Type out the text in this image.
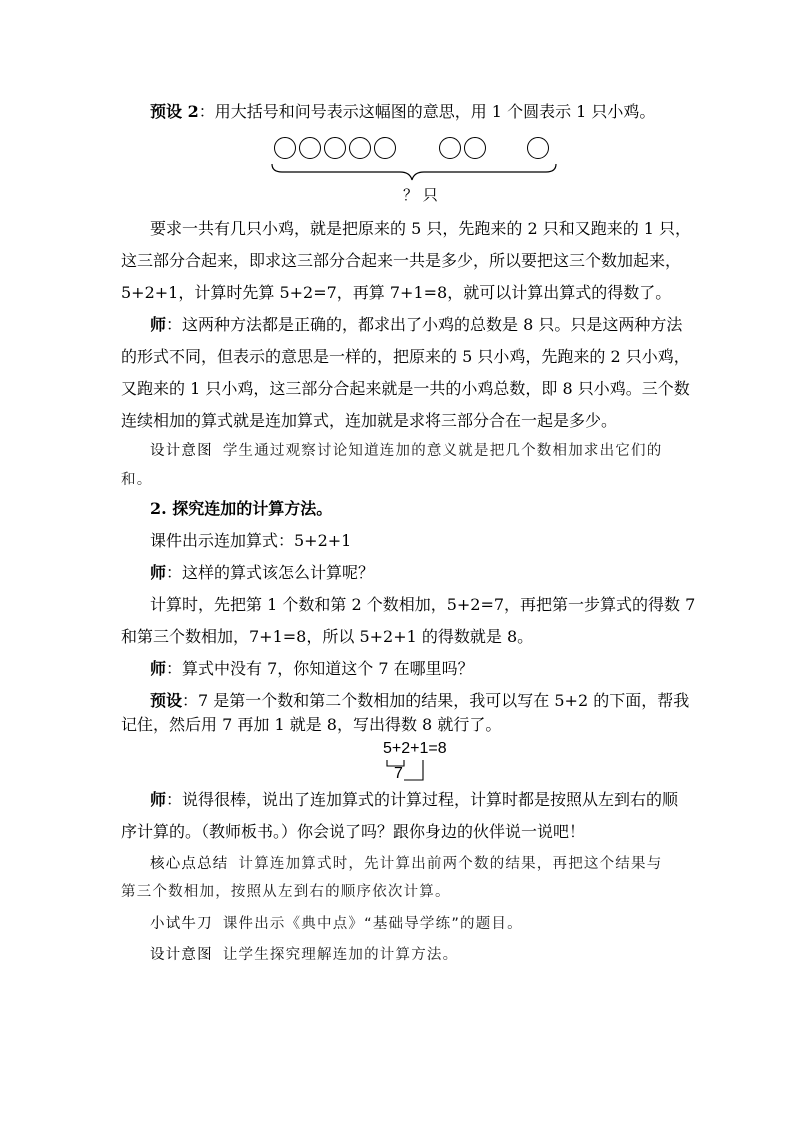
预设 2：用大括号和问号表示这幅图的意思，用 1 个圆表示 1 只小鸡。
？ 只
要求一共有几只小鸡，就是把原来的 5 只，先跑来的 2 只和又跑来的 1 只，
这三部分合起来，即求这三部分合起来一共是多少，所以要把这三个数加起来，
5+2+1，计算时先算 5+2=7，再算 7+1=8，就可以计算出算式的得数了。
师：这两种方法都是正确的，都求出了小鸡的总数是 8 只。只是这两种方法
的形式不同，但表示的意思是一样的，把原来的 5 只小鸡，先跑来的 2 只小鸡，
又跑来的 1 只小鸡，这三部分合起来就是一共的小鸡总数，即 8 只小鸡。三个数
连续相加的算式就是连加算式，连加就是求将三部分合在一起是多少。
设计意图 学生通过观察讨论知道连加的意义就是把几个数相加求出它们的
和。
2. 探究连加的计算方法。
课件出示连加算式：5+2+1
师：这样的算式该怎么计算呢？
计算时，先把第 1 个数和第 2 个数相加，5+2=7，再把第一步算式的得数 7
和第三个数相加，7+1=8，所以 5+2+1 的得数就是 8。
师：算式中没有 7，你知道这个 7 在哪里吗？
预设：7 是第一个数和第二个数相加的结果，我可以写在 5+2 的下面，帮我
记住，然后用 7 再加 1 就是 8，写出得数 8 就行了。
5+2+1=8
7
师：说得很棒，说出了连加算式的计算过程，计算时都是按照从左到右的顺
序计算的。（教师板书。）你会说了吗？跟你身边的伙伴说一说吧！
核心点总结 计算连加算式时，先计算出前两个数的结果，再把这个结果与
第三个数相加，按照从左到右的顺序依次计算。
小试牛刀 课件出示《典中点》“基础导学练”的题目。
设计意图 让学生探究理解连加的计算方法。
